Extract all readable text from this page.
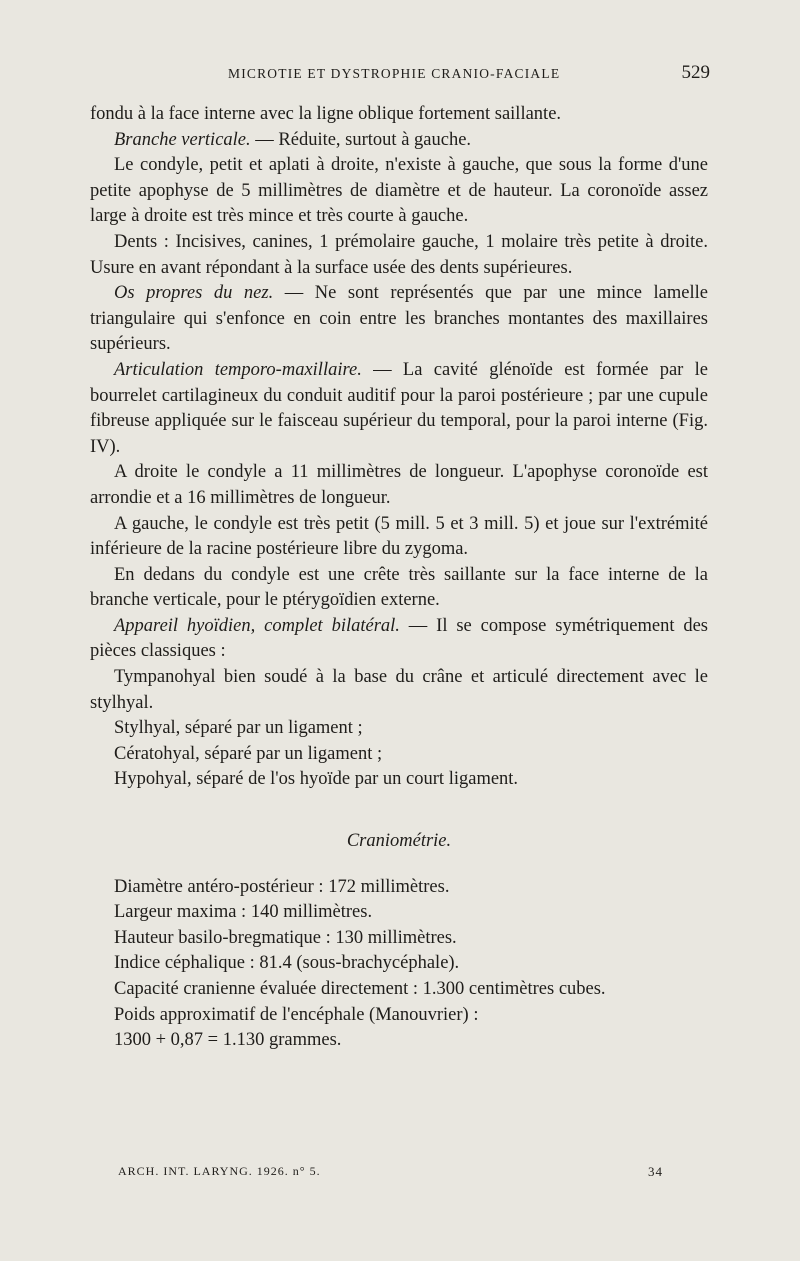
MICROTIE ET DYSTROPHIE CRANIO-FACIALE	529

fondu à la face interne avec la ligne oblique fortement saillante.

Branche verticale. — Réduite, surtout à gauche.

Le condyle, petit et aplati à droite, n'existe à gauche, que sous la forme d'une petite apophyse de 5 millimètres de diamètre et de hauteur. La coronoïde assez large à droite est très mince et très courte à gauche.

Dents : Incisives, canines, 1 prémolaire gauche, 1 molaire très petite à droite. Usure en avant répondant à la surface usée des dents supérieures.

Os propres du nez. — Ne sont représentés que par une mince lamelle triangulaire qui s'enfonce en coin entre les branches montantes des maxillaires supérieurs.

Articulation temporo-maxillaire. — La cavité glénoïde est formée par le bourrelet cartilagineux du conduit auditif pour la paroi postérieure ; par une cupule fibreuse appliquée sur le faisceau supérieur du temporal, pour la paroi interne (Fig. IV).

A droite le condyle a 11 millimètres de longueur. L'apophyse coronoïde est arrondie et a 16 millimètres de longueur.

A gauche, le condyle est très petit (5 mill. 5 et 3 mill. 5) et joue sur l'extrémité inférieure de la racine postérieure libre du zygoma.

En dedans du condyle est une crête très saillante sur la face interne de la branche verticale, pour le ptérygoïdien externe.

Appareil hyoïdien, complet bilatéral. — Il se compose symétriquement des pièces classiques :

Tympanohyal bien soudé à la base du crâne et articulé directement avec le stylhyal.

Stylhyal, séparé par un ligament ;

Cératohyal, séparé par un ligament ;

Hypohyal, séparé de l'os hyoïde par un court ligament.

Craniométrie.

Diamètre antéro-postérieur : 172 millimètres.

Largeur maxima : 140 millimètres.

Hauteur basilo-bregmatique : 130 millimètres.

Indice céphalique : 81.4 (sous-brachycéphale).

Capacité cranienne évaluée directement : 1.300 centimètres cubes.

Poids approximatif de l'encéphale (Manouvrier) :

1300 + 0,87 = 1.130 grammes.

ARCH. INT. LARYNG. 1926. n° 5.	34
